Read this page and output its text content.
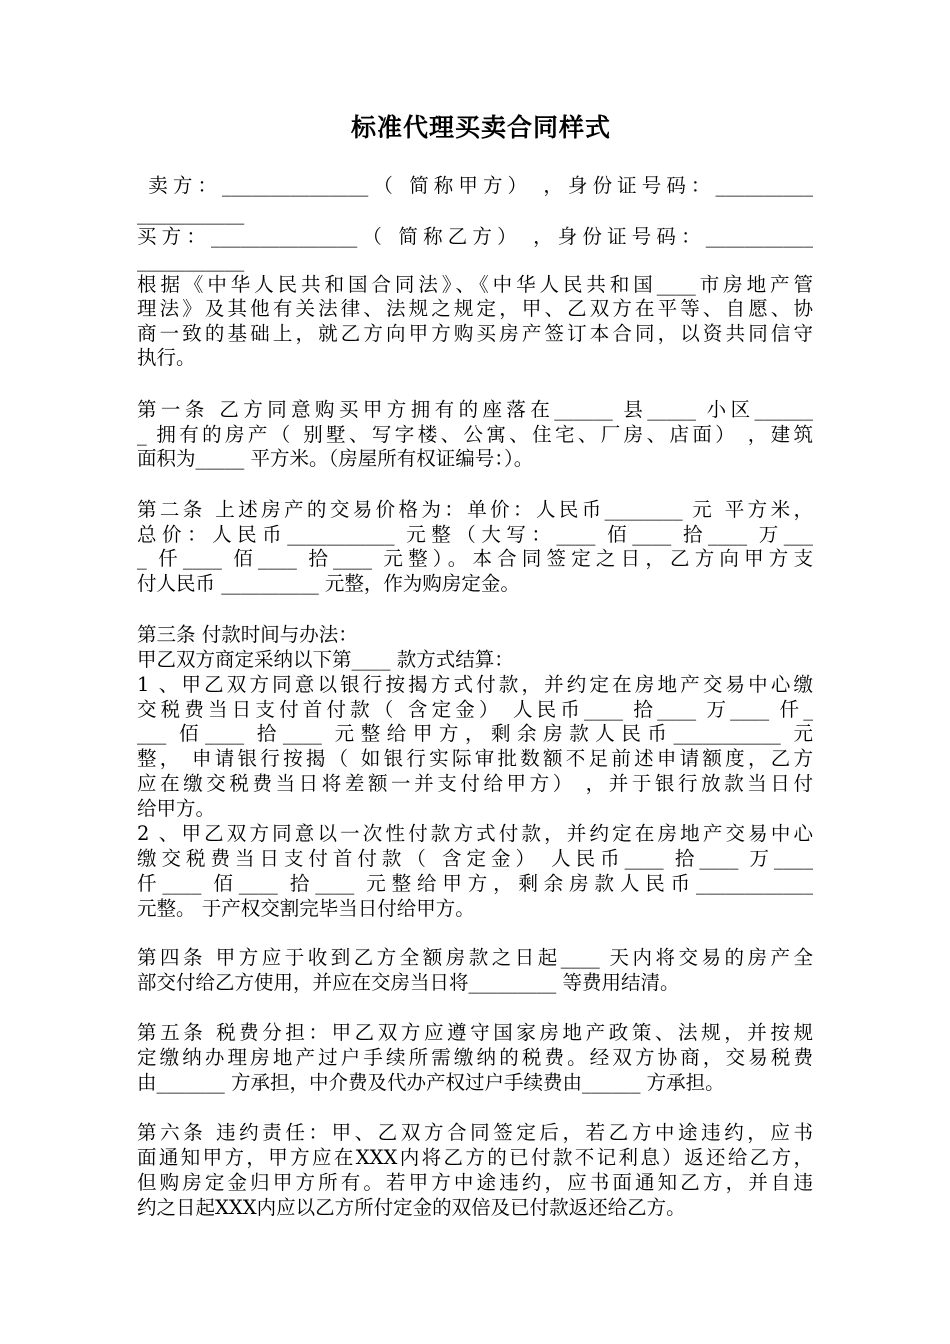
标准代理买卖合同样式
卖方：_______________（ 简称甲方） ，身份证号码：__________
___________
买方：_______________（ 简称乙方） ，身份证号码：___________
___________
根据《中华人民共和国合同法》、《中华人民共和国____市房地产管
理法》及其他有关法律、法规之规定，甲、乙双方在平等、自愿、协
商一致的基础上，就乙方向甲方购买房产签订本合同，以资共同信守
执行。
第一条 乙方同意购买甲方拥有的座落在______ 县_____ 小区______
_ 拥有的房产（ 别墅、写字楼、公寓、住宅、厂房、店面） ，建筑
面积为_____ 平方米。（房屋所有权证编号：）。
第二条 上述房产的交易价格为：单价：人民币________ 元 平方米，
总价：人民币___________ 元整（大写：____ 佰____ 拾____ 万___
_ 仟____ 佰____ 拾____ 元整）。本合同签定之日，乙方向甲方支
付人民币 __________ 元整，作为购房定金。
第三条 付款时间与办法：
甲乙双方商定采纳以下第____ 款方式结算：
1 、甲乙双方同意以银行按揭方式付款，并约定在房地产交易中心缴
交税费当日支付首付款（ 含定金） 人民币____ 拾____ 万____ 仟_
___ 佰____ 拾____ 元整给甲方，剩余房款人民币___________ 元
整， 申请银行按揭（ 如银行实际审批数额不足前述申请额度，乙方
应在缴交税费当日将差额一并支付给甲方） ，并于银行放款当日付
给甲方。
2 、甲乙双方同意以一次性付款方式付款，并约定在房地产交易中心
缴交税费当日支付首付款（ 含定金） 人民币____ 拾____ 万____
仟____ 佰____ 拾____ 元整给甲方，剩余房款人民币____________
元整。 于产权交割完毕当日付给甲方。
第四条 甲方应于收到乙方全额房款之日起____ 天内将交易的房产全
部交付给乙方使用，并应在交房当日将_________ 等费用结清。
第五条 税费分担：甲乙双方应遵守国家房地产政策、法规，并按规
定缴纳办理房地产过户手续所需缴纳的税费。经双方协商，交易税费
由_______ 方承担，中介费及代办产权过户手续费由______ 方承担。
第六条 违约责任：甲、乙双方合同签定后，若乙方中途违约，应书
面通知甲方，甲方应在XXX内将乙方的已付款不记利息）返还给乙方，
但购房定金归甲方所有。若甲方中途违约，应书面通知乙方，并自违
约之日起XXX内应以乙方所付定金的双倍及已付款返还给乙方。
